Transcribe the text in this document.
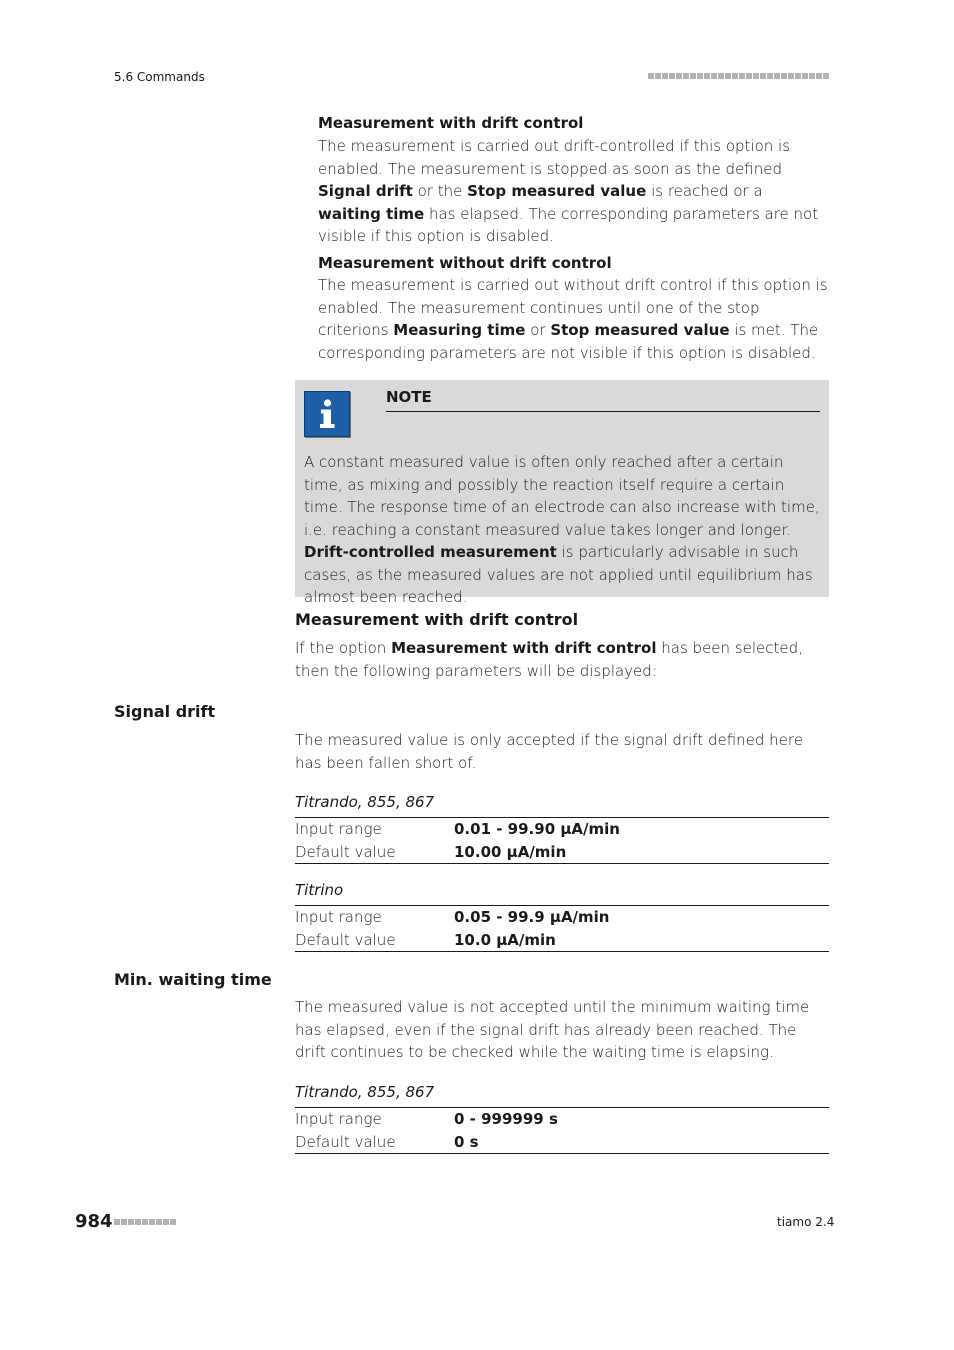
5.6 Commands
Measurement with drift control
The measurement is carried out drift-controlled if this option is enabled. The measurement is stopped as soon as the defined Signal drift or the Stop measured value is reached or a waiting time has elapsed. The corresponding parameters are not visible if this option is disabled.
Measurement without drift control
The measurement is carried out without drift control if this option is enabled. The measurement continues until one of the stop criterions Measuring time or Stop measured value is met. The corresponding parameters are not visible if this option is disabled.
NOTE
A constant measured value is often only reached after a certain time, as mixing and possibly the reaction itself require a certain time. The response time of an electrode can also increase with time, i.e. reaching a constant measured value takes longer and longer. Drift-controlled measurement is particularly advisable in such cases, as the measured values are not applied until equilibrium has almost been reached.
Measurement with drift control
If the option Measurement with drift control has been selected, then the following parameters will be displayed:
Signal drift
The measured value is only accepted if the signal drift defined here has been fallen short of.
Titrando, 855, 867
Input range	0.01 - 99.90 µA/min
Default value	10.00 µA/min
Titrino
Input range	0.05 - 99.9 µA/min
Default value	10.0 µA/min
Min. waiting time
The measured value is not accepted until the minimum waiting time has elapsed, even if the signal drift has already been reached. The drift continues to be checked while the waiting time is elapsing.
Titrando, 855, 867
Input range	0 - 999999 s
Default value	0 s
984	tiamo 2.4
